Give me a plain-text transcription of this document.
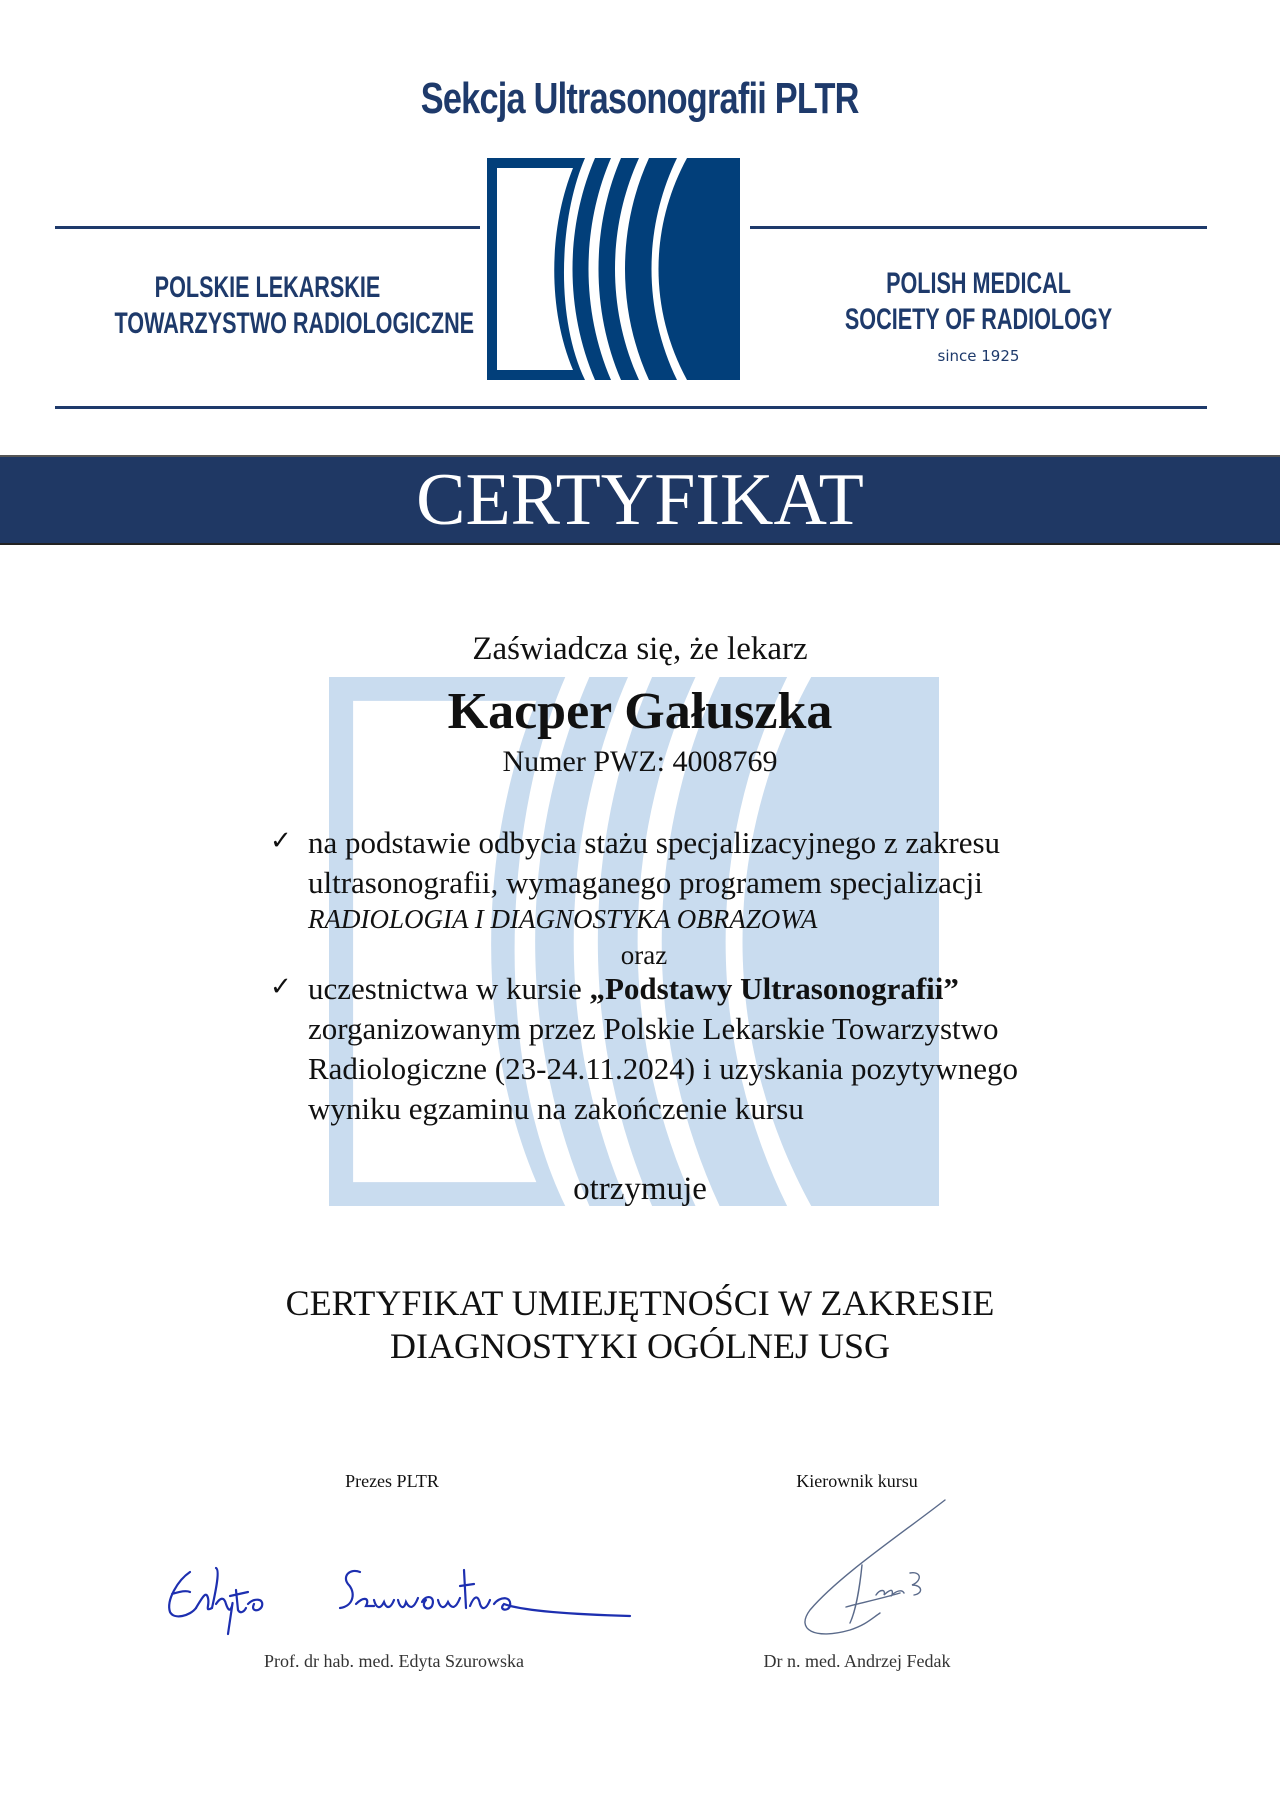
Sekcja Ultrasonografii PLTR
POLSKIE LEKARSKIE
TOWARZYSTWO RADIOLOGICZNE
POLISH MEDICAL
SOCIETY OF RADIOLOGY
since 1925
CERTYFIKAT
Zaświadcza się, że lekarz
Kacper Gałuszka
Numer PWZ: 4008769
✓ na podstawie odbycia stażu specjalizacyjnego z zakresu
ultrasonografii, wymaganego programem specjalizacji
RADIOLOGIA I DIAGNOSTYKA OBRAZOWA
oraz
✓ uczestnictwa w kursie „Podstawy Ultrasonografii”
zorganizowanym przez Polskie Lekarskie Towarzystwo
Radiologiczne (23-24.11.2024) i uzyskania pozytywnego
wyniku egzaminu na zakończenie kursu
otrzymuje
CERTYFIKAT UMIEJĘTNOŚCI W ZAKRESIE
DIAGNOSTYKI OGÓLNEJ USG
Prezes PLTR
Prof. dr hab. med. Edyta Szurowska
Kierownik kursu
Dr n. med. Andrzej Fedak
